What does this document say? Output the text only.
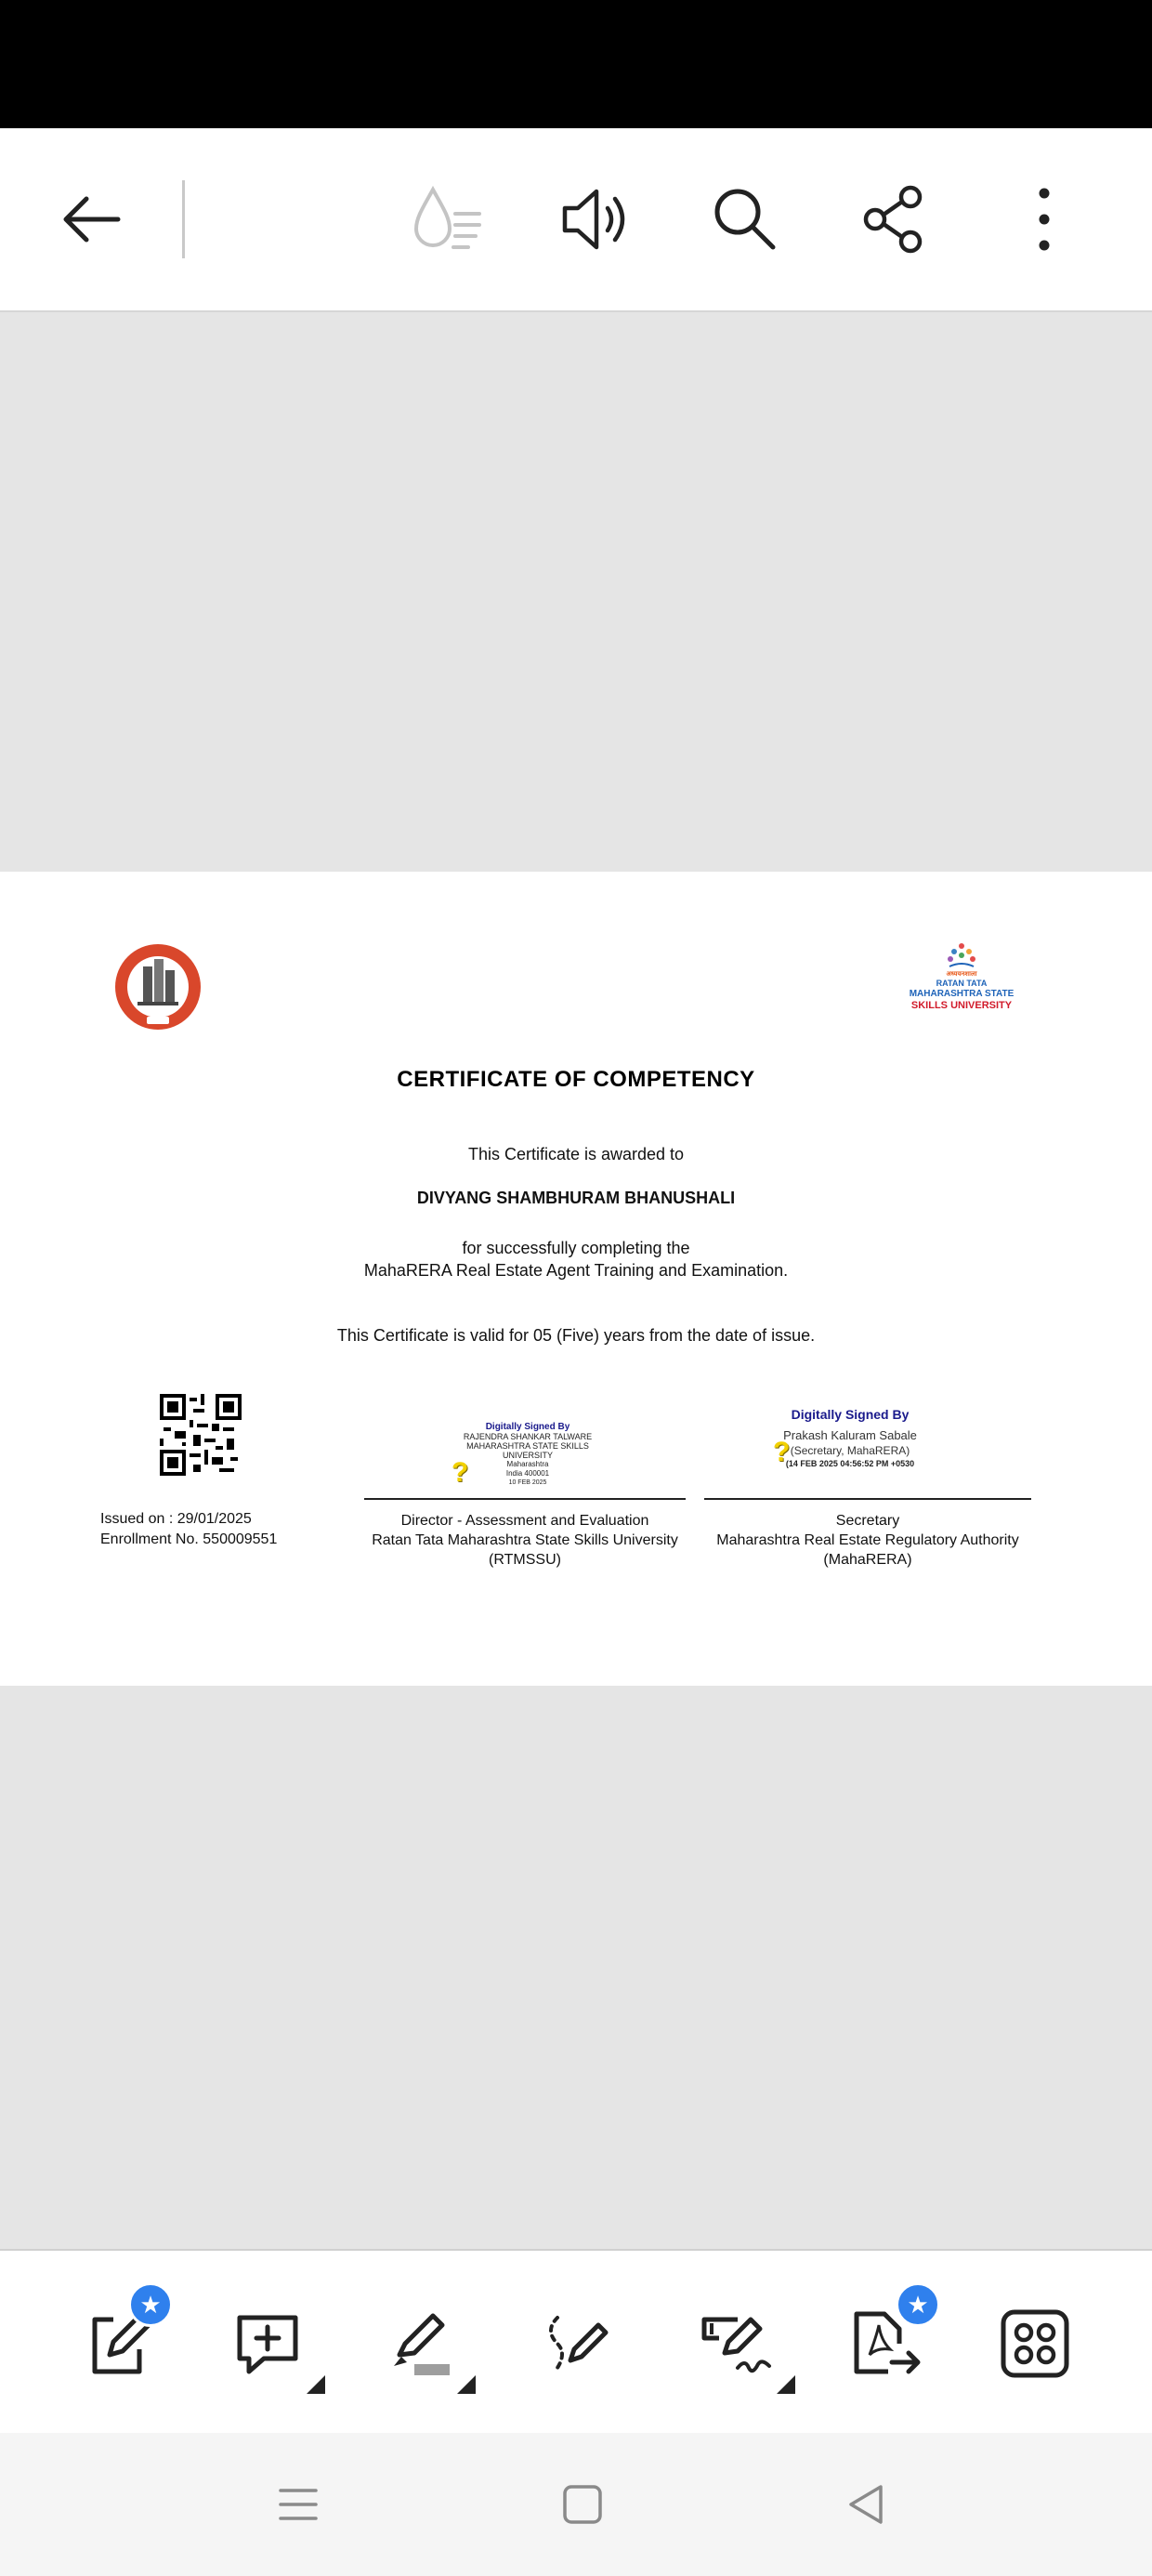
अध्ययनशाला
RATAN TATA
MAHARASHTRA STATE
SKILLS UNIVERSITY
CERTIFICATE OF COMPETENCY
This Certificate is awarded to
DIVYANG SHAMBHURAM BHANUSHALI
for successfully completing the
MahaRERA Real Estate Agent Training and Examination.
This Certificate is valid for 05 (Five) years from the date of issue.
Issued on : 29/01/2025
Enrollment No. 550009551
Digitally Signed By
RAJENDRA SHANKAR TALWARE
MAHARASHTRA STATE SKILLS
UNIVERSITY
Maharashtra
India 400001
10 FEB 2025
?
Director - Assessment and Evaluation
Ratan Tata Maharashtra State Skills University
(RTMSSU)
Digitally Signed By
Prakash Kaluram Sabale
(Secretary, MahaRERA)
(14 FEB 2025 04:56:52 PM +0530
?
Secretary
Maharashtra Real Estate Regulatory Authority
(MahaRERA)
★	★
